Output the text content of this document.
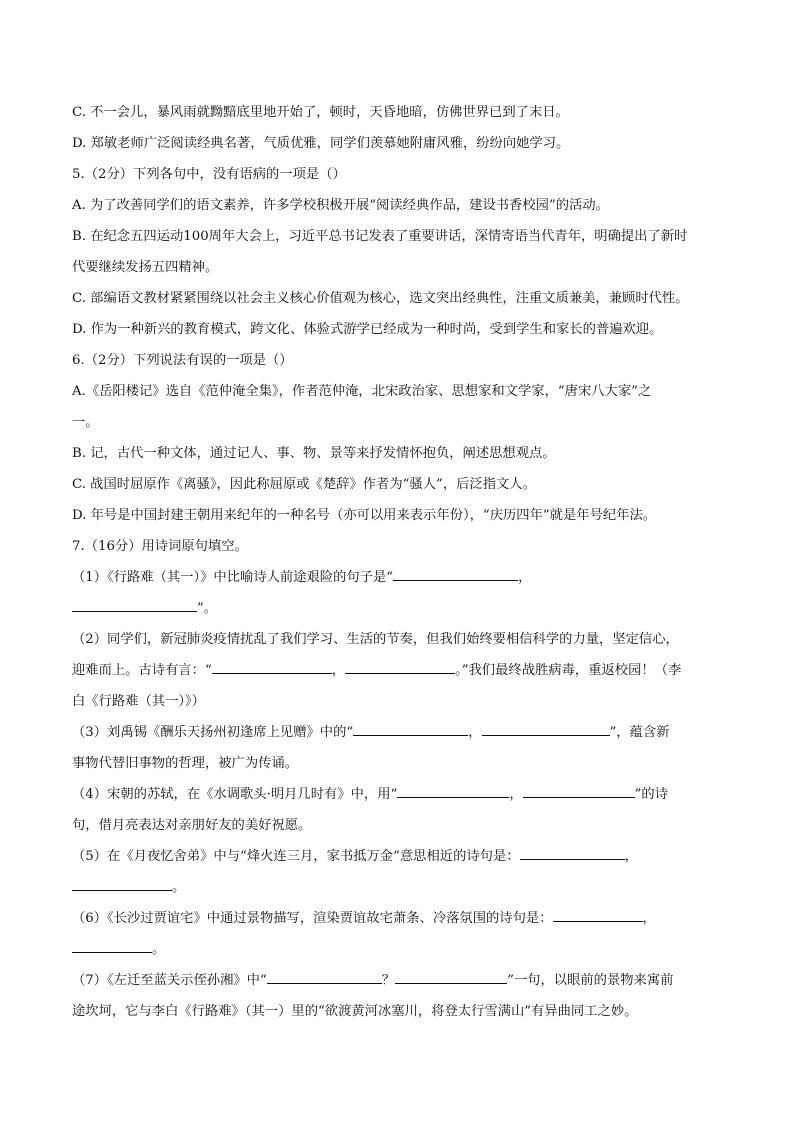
C. 不一会儿，暴风雨就黝黯底里地开始了，顿时，天昏地暗，仿佛世界已到了末日。
D. 郑敏老师广泛阅读经典名著，气质优雅，同学们羡慕她附庸风雅，纷纷向她学习。
5.（2分）下列各句中，没有语病的一项是（）
A. 为了改善同学们的语文素养，许多学校积极开展“阅读经典作品，建设书香校园”的活动。
B. 在纪念五四运动100周年大会上，习近平总书记发表了重要讲话，深情寄语当代青年，明确提出了新时
代要继续发扬五四精神。
C. 部编语文教材紧紧围绕以社会主义核心价值观为核心，选文突出经典性，注重文质兼美，兼顾时代性。
D. 作为一种新兴的教育模式，跨文化、体验式游学已经成为一种时尚，受到学生和家长的普遍欢迎。
6.（2分）下列说法有误的一项是（）
A.《岳阳楼记》选自《范仲淹全集》，作者范仲淹，北宋政治家、思想家和文学家，“唐宋八大家”之
一。
B. 记，古代一种文体，通过记人、事、物、景等来抒发情怀抱负，阐述思想观点。
C. 战国时屈原作《离骚》，因此称屈原或《楚辞》作者为“骚人”，后泛指文人。
D. 年号是中国封建王朝用来纪年的一种名号（亦可以用来表示年份），“庆历四年”就是年号纪年法。
7.（16分）用诗词原句填空。
（1）《行路难（其一）》中比喻诗人前途艰险的句子是“	，
”。
（2）同学们，新冠肺炎疫情扰乱了我们学习、生活的节奏，但我们始终要相信科学的力量，坚定信心，
迎难而上。古诗有言：“	，	。”我们最终战胜病毒，重返校园！（李
白《行路难（其一）》）
（3）刘禹锡《酬乐天扬州初逢席上见赠》中的“	，	”，蕴含新
事物代替旧事物的哲理，被广为传诵。
（4）宋朝的苏轼，在《水调歌头·明月几时有》中，用“	，	”的诗
句，借月亮表达对亲朋好友的美好祝愿。
（5）在《月夜忆舍弟》中与“烽火连三月，家书抵万金”意思相近的诗句是：	，
。
（6）《长沙过贾谊宅》中通过景物描写，渲染贾谊故宅萧条、冷落氛围的诗句是：	，
。
（7）《左迁至蓝关示侄孙湘》中“	？	”一句，以眼前的景物来寓前
途坎坷，它与李白《行路难》（其一）里的“欲渡黄河冰塞川，将登太行雪满山”有异曲同工之妙。
